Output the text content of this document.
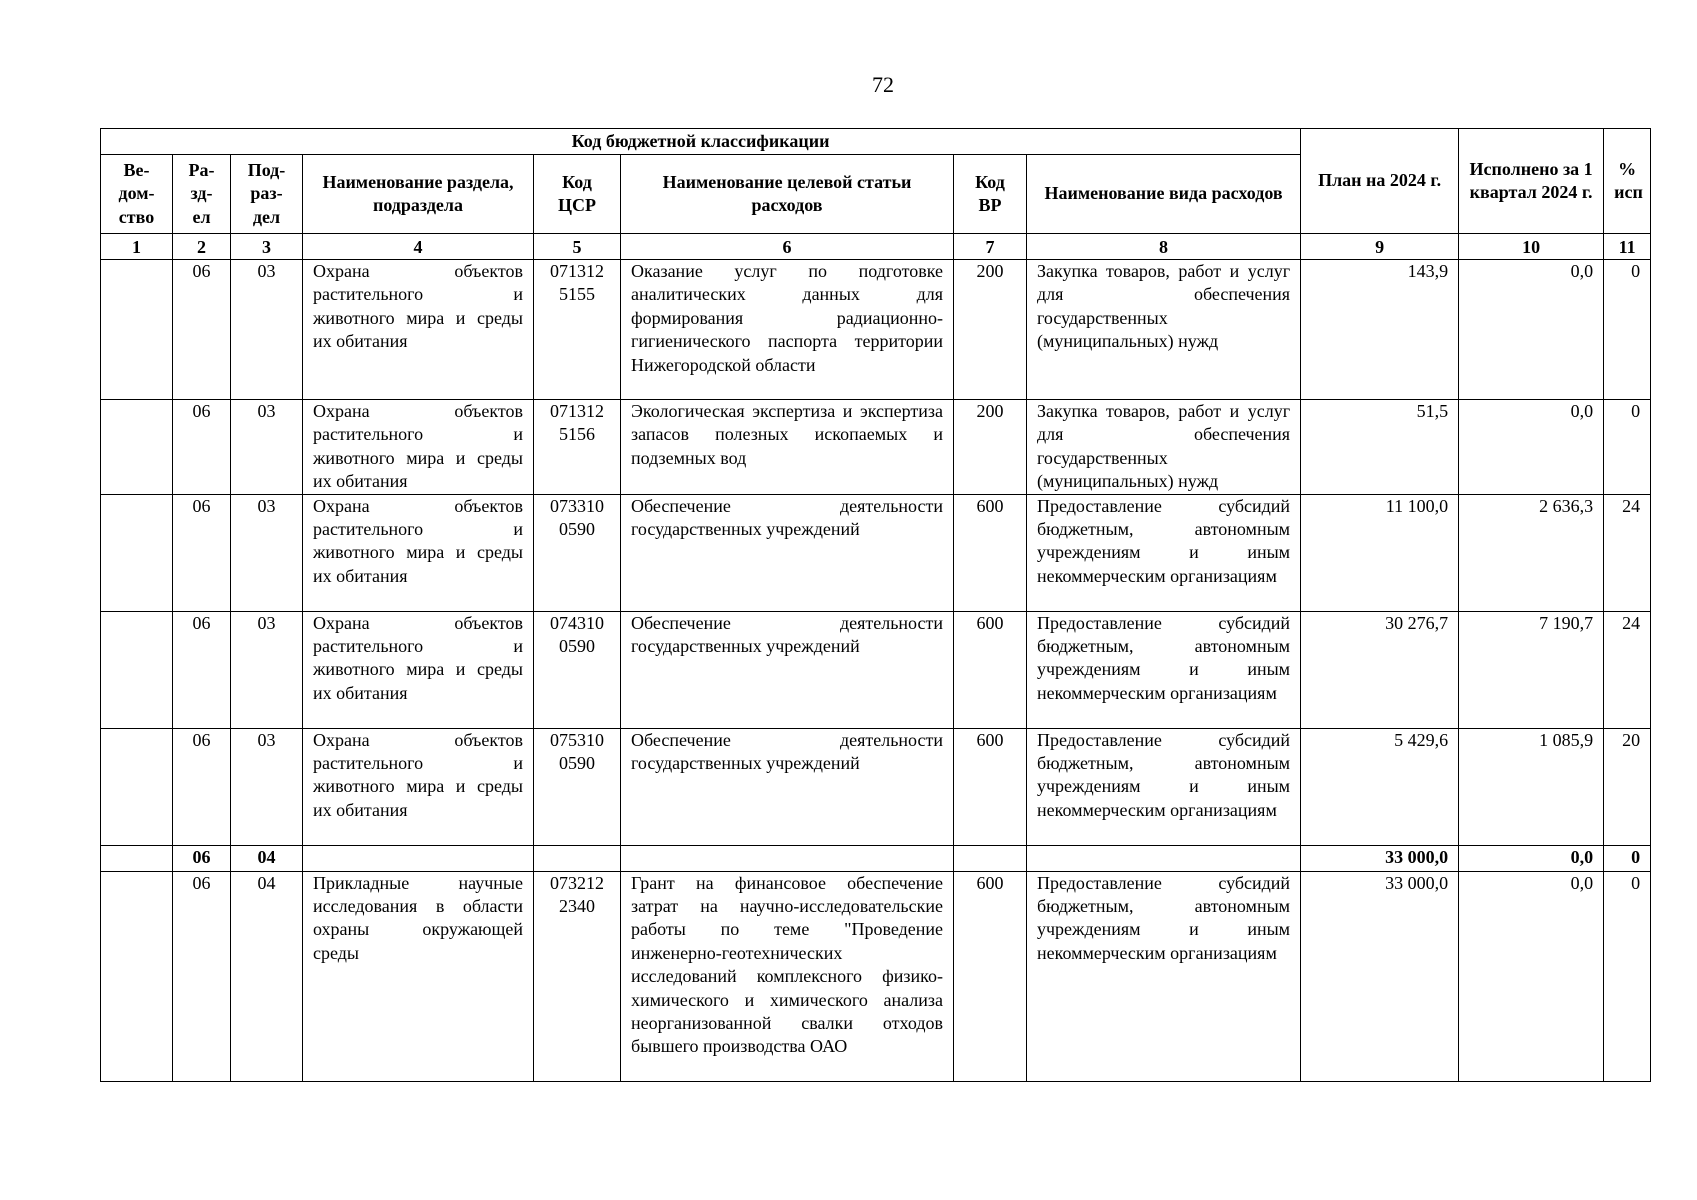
72
Код бюджетной классификации								План на 2024 г.	Исполнено за 1 квартал 2024 г.	% исп
Ве-дом-ство	Ра-зд-ел	Под-раз-дел	Наименование раздела, подраздела	Код ЦСР	Наименование целевой статьи расходов	Код ВР	Наименование вида расходов			
1	2	3	4	5	6	7	8	9	10	11
	06	03	Охрана объектов растительного и животного мира и среды их обитания	071312 5155	Оказание услуг по подготовке аналитических данных для формирования радиационно-гигиенического паспорта территории Нижегородской области	200	Закупка товаров, работ и услуг для обеспечения государственных (муниципальных) нужд	143,9	0,0	0
	06	03	Охрана объектов растительного и животного мира и среды их обитания	071312 5156	Экологическая экспертиза и экспертиза запасов полезных ископаемых и подземных вод	200	Закупка товаров, работ и услуг для обеспечения государственных (муниципальных) нужд	51,5	0,0	0
	06	03	Охрана объектов растительного и животного мира и среды их обитания	073310 0590	Обеспечение деятельности государственных учреждений	600	Предоставление субсидий бюджетным, автономным учреждениям и иным некоммерческим организациям	11 100,0	2 636,3	24
	06	03	Охрана объектов растительного и животного мира и среды их обитания	074310 0590	Обеспечение деятельности государственных учреждений	600	Предоставление субсидий бюджетным, автономным учреждениям и иным некоммерческим организациям	30 276,7	7 190,7	24
	06	03	Охрана объектов растительного и животного мира и среды их обитания	075310 0590	Обеспечение деятельности государственных учреждений	600	Предоставление субсидий бюджетным, автономным учреждениям и иным некоммерческим организациям	5 429,6	1 085,9	20
	06	04						33 000,0	0,0	0
	06	04	Прикладные научные исследования в области охраны окружающей среды	073212 2340	Грант на финансовое обеспечение затрат на научно-исследовательские работы по теме "Проведение инженерно-геотехнических исследований комплексного физико-химического и химического анализа неорганизованной свалки отходов бывшего производства ОАО	600	Предоставление субсидий бюджетным, автономным учреждениям и иным некоммерческим организациям	33 000,0	0,0	0
